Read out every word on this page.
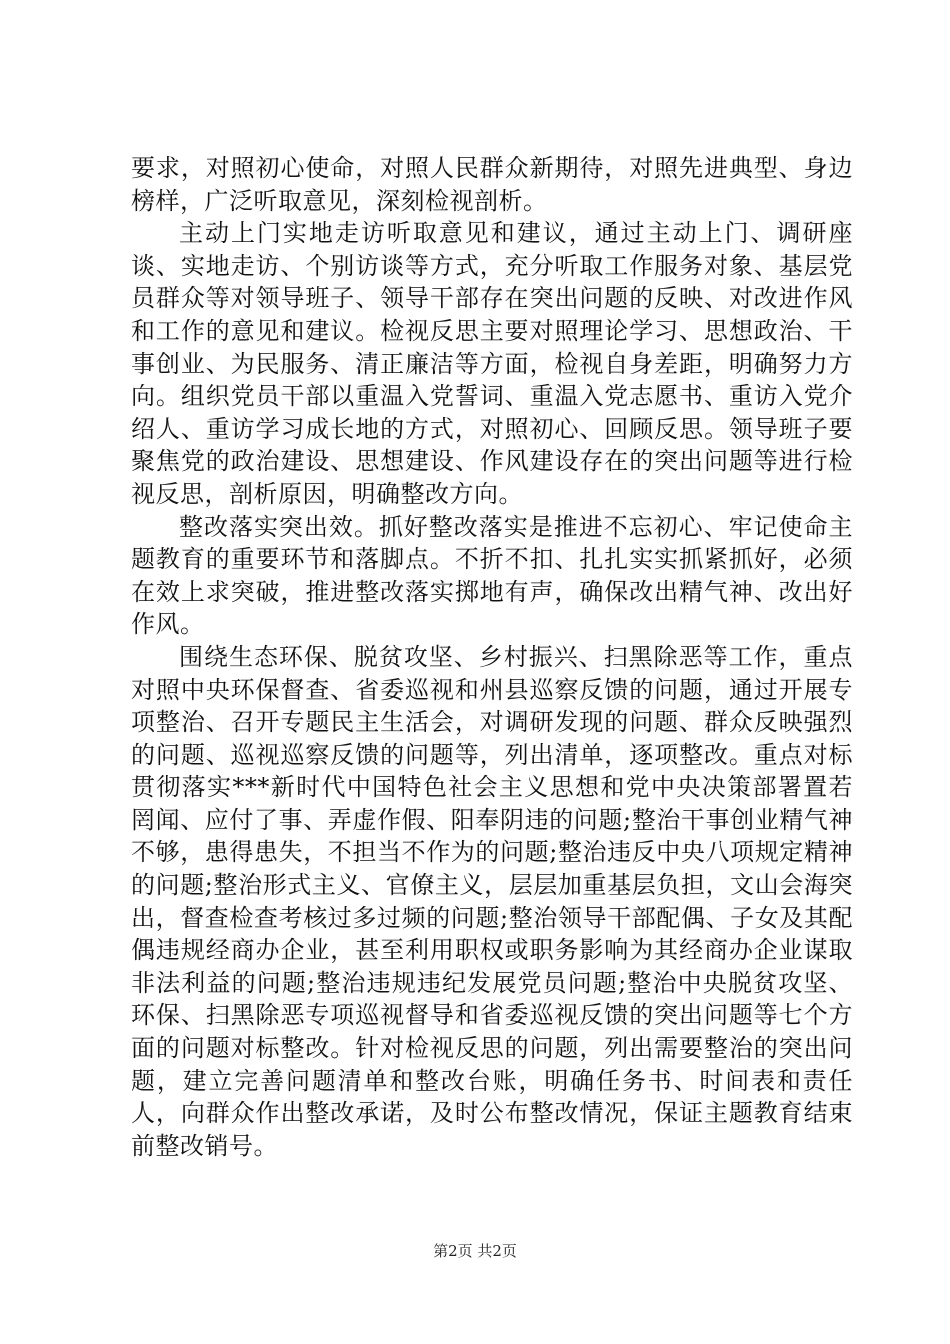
要求，对照初心使命，对照人民群众新期待，对照先进典型、身边榜样，广泛听取意见，深刻检视剖析。

主动上门实地走访听取意见和建议，通过主动上门、调研座谈、实地走访、个别访谈等方式，充分听取工作服务对象、基层党员群众等对领导班子、领导干部存在突出问题的反映、对改进作风和工作的意见和建议。检视反思主要对照理论学习、思想政治、干事创业、为民服务、清正廉洁等方面，检视自身差距，明确努力方向。组织党员干部以重温入党誓词、重温入党志愿书、重访入党介绍人、重访学习成长地的方式，对照初心、回顾反思。领导班子要聚焦党的政治建设、思想建设、作风建设存在的突出问题等进行检视反思，剖析原因，明确整改方向。

整改落实突出效。抓好整改落实是推进不忘初心、牢记使命主题教育的重要环节和落脚点。不折不扣、扎扎实实抓紧抓好，必须在效上求突破，推进整改落实掷地有声，确保改出精气神、改出好作风。

围绕生态环保、脱贫攻坚、乡村振兴、扫黑除恶等工作，重点对照中央环保督查、省委巡视和州县巡察反馈的问题，通过开展专项整治、召开专题民主生活会，对调研发现的问题、群众反映强烈的问题、巡视巡察反馈的问题等，列出清单，逐项整改。重点对标贯彻落实***新时代中国特色社会主义思想和党中央决策部署置若罔闻、应付了事、弄虚作假、阳奉阴违的问题;整治干事创业精气神不够，患得患失，不担当不作为的问题;整治违反中央八项规定精神的问题;整治形式主义、官僚主义，层层加重基层负担，文山会海突出，督查检查考核过多过频的问题;整治领导干部配偶、子女及其配偶违规经商办企业，甚至利用职权或职务影响为其经商办企业谋取非法利益的问题;整治违规违纪发展党员问题;整治中央脱贫攻坚、环保、扫黑除恶专项巡视督导和省委巡视反馈的突出问题等七个方面的问题对标整改。针对检视反思的问题，列出需要整治的突出问题，建立完善问题清单和整改台账，明确任务书、时间表和责任人，向群众作出整改承诺，及时公布整改情况，保证主题教育结束前整改销号。

第2页 共2页
